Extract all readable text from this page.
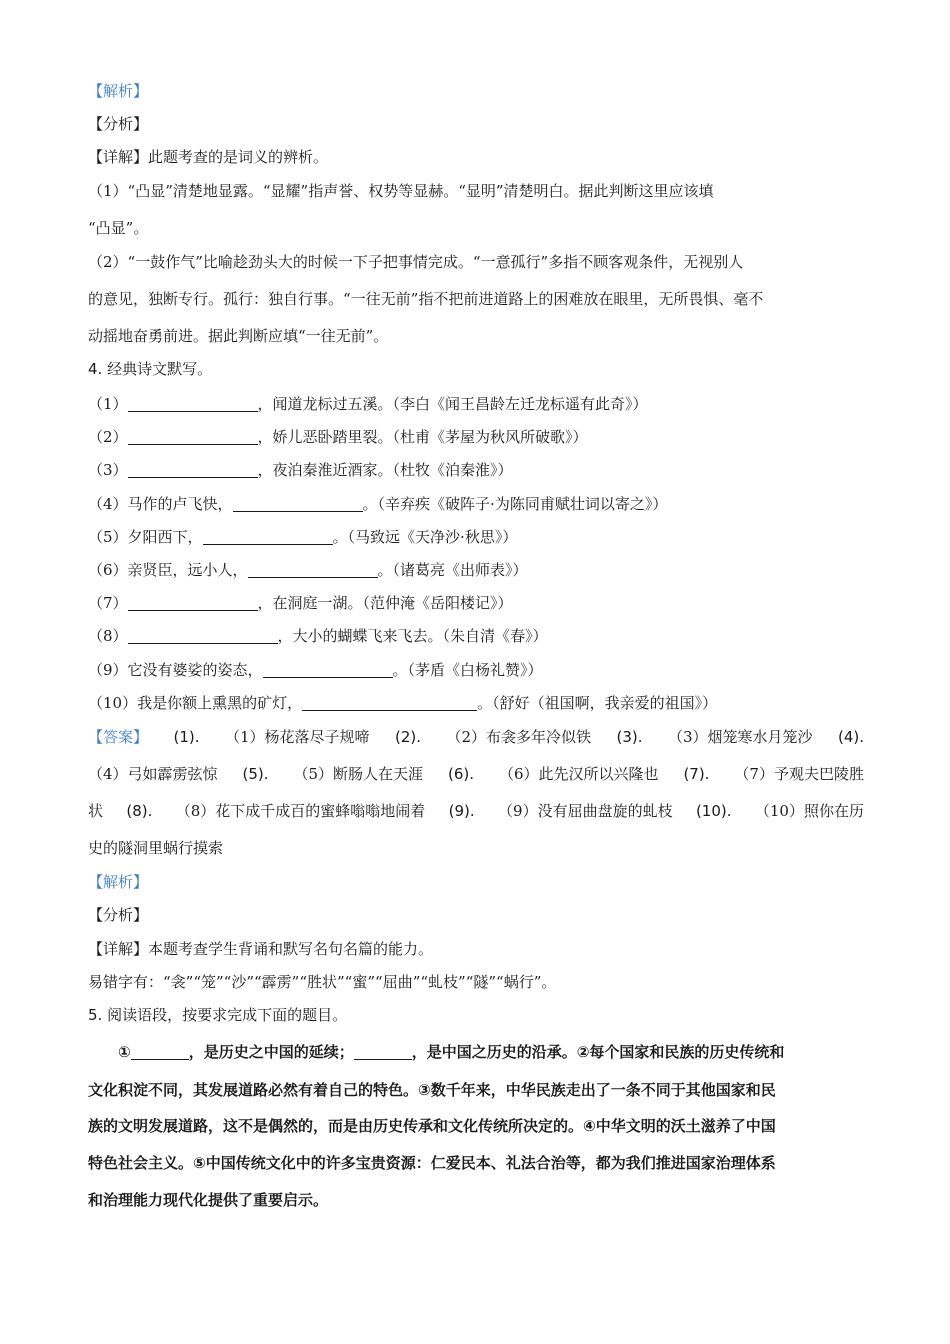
【解析】
【分析】
【详解】此题考查的是词义的辨析。
（1）“凸显”清楚地显露。“显耀”指声誉、权势等显赫。“显明”清楚明白。据此判断这里应该填
“凸显”。
（2）“一鼓作气”比喻趁劲头大的时候一下子把事情完成。“一意孤行”多指不顾客观条件，无视别人
的意见，独断专行。孤行：独自行事。“一往无前”指不把前进道路上的困难放在眼里，无所畏惧、毫不
动摇地奋勇前进。据此判断应填“一往无前”。
4. 经典诗文默写。
（1）	，闻道龙标过五溪。（李白《闻王昌龄左迁龙标遥有此奇》）
（2）	，娇儿恶卧踏里裂。（杜甫《茅屋为秋风所破歌》）
（3）	，夜泊秦淮近酒家。（杜牧《泊秦淮》）
（4）马作的卢飞快，	。（辛弃疾《破阵子·为陈同甫赋壮词以寄之》）
（5）夕阳西下，	。（马致远《天净沙·秋思》）
（6）亲贤臣，远小人，	。（诸葛亮《出师表》）
（7）	，在洞庭一湖。（范仲淹《岳阳楼记》）
（8）	，大小的蝴蝶飞来飞去。（朱自清《春》）
（9）它没有婆娑的姿态，	。（茅盾《白杨礼赞》）
（10）我是你额上熏黑的矿灯，	。（舒好（祖国啊，我亲爱的祖国》）
【答案】 (1). （1）杨花落尽子规啼 (2). （2）布衾多年冷似铁 (3). （3）烟笼寒水月笼沙 (4).
（4）弓如霹雳弦惊 (5). （5）断肠人在天涯 (6). （6）此先汉所以兴隆也 (7). （7）予观夫巴陵胜
状 (8). （8）花下成千成百的蜜蜂嗡嗡地闹着 (9). （9）没有屈曲盘旋的虬枝 (10). （10）照你在历
史的隧洞里蜗行摸索
【解析】
【分析】
【详解】本题考查学生背诵和默写名句名篇的能力。
易错字有：“衾”“笼”“沙”“霹雳”“胜状”“蜜”“屈曲”“虬枝”“隧”“蜗行”。
5. 阅读语段，按要求完成下面的题目。
①	，是历史之中国的延续；	，是中国之历史的沿承。②每个国家和民族的历史传统和
文化积淀不同，其发展道路必然有着自己的特色。③数千年来，中华民族走出了一条不同于其他国家和民
族的文明发展道路，这不是偶然的，而是由历史传承和文化传统所决定的。④中华文明的沃土滋养了中国
特色社会主义。⑤中国传统文化中的许多宝贵资源：仁爱民本、礼法合治等，都为我们推进国家治理体系
和治理能力现代化提供了重要启示。
